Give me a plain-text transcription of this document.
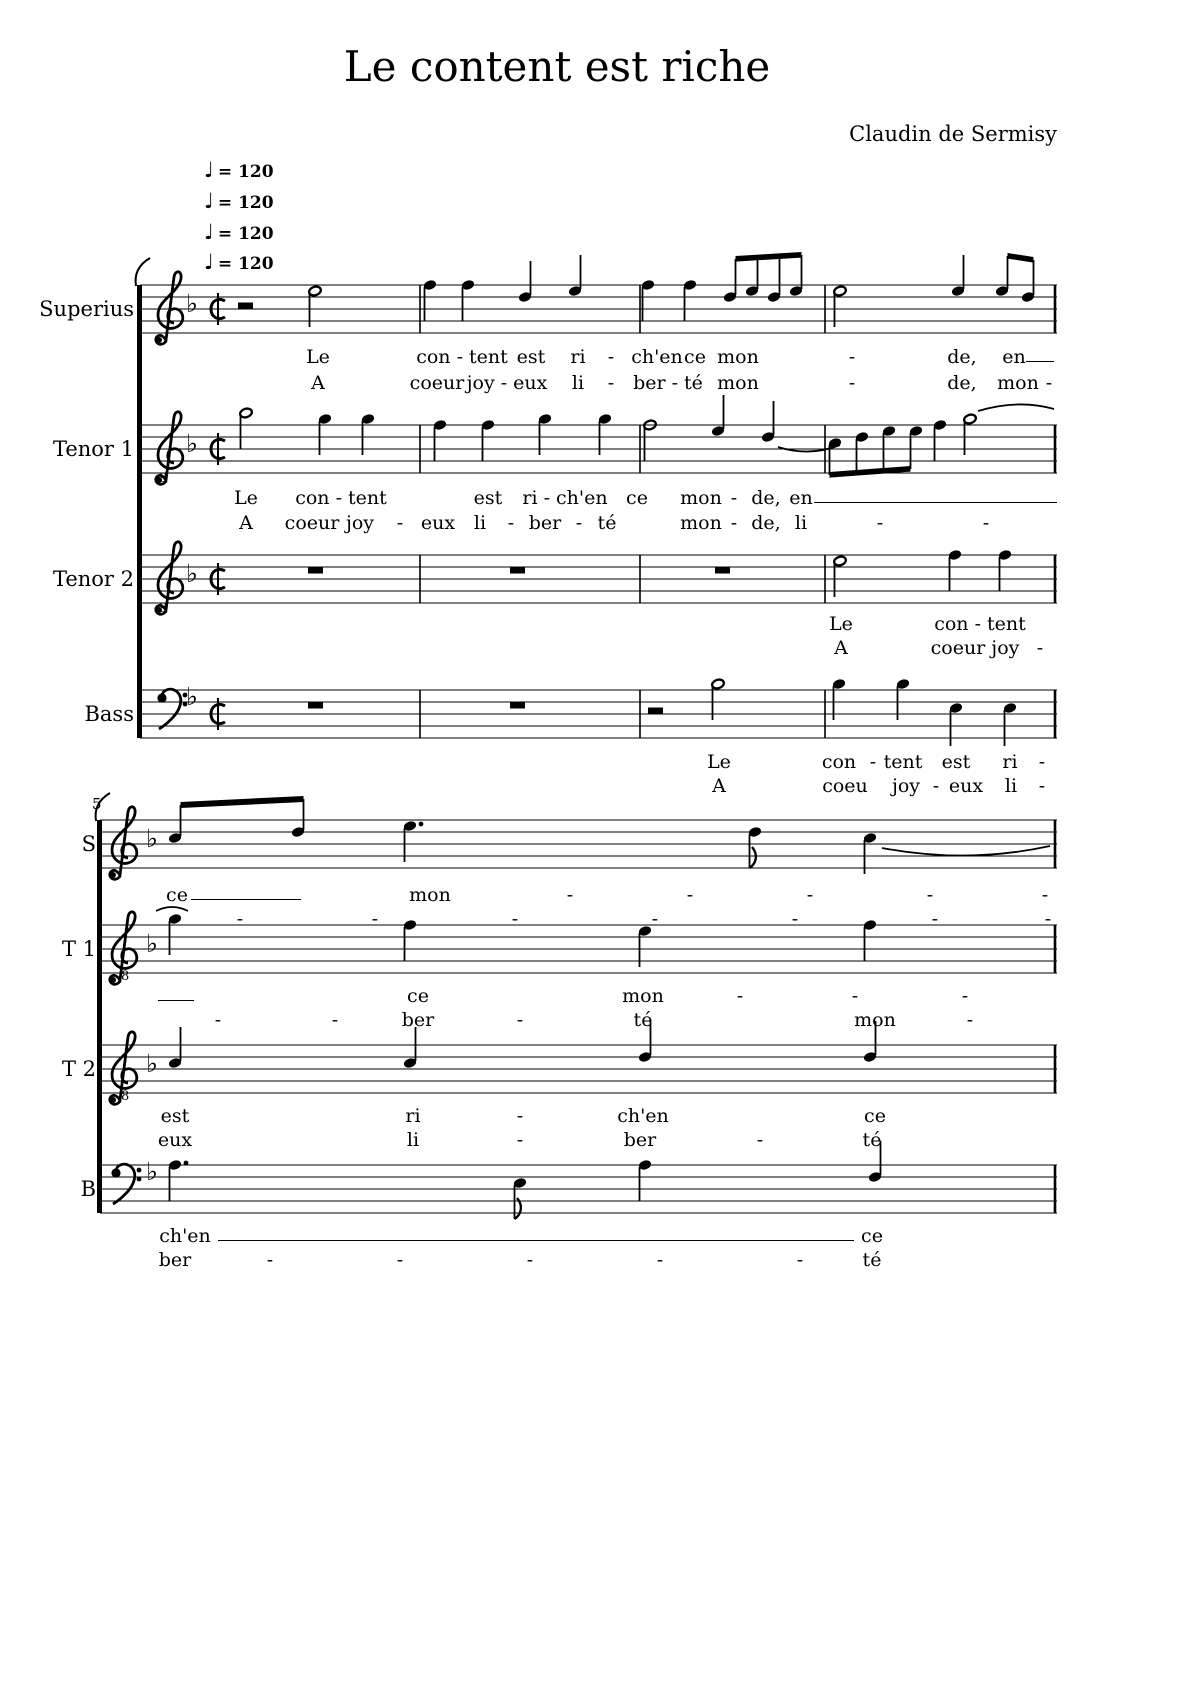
Le content est riche
Claudin de Sermisy
♩ = 120
♩ = 120
♩ = 120
♩ = 120
Superius
Tenor 1
Tenor 2
Bass
♭
♭
8
♭
8
♭
Le	con - tent est ri - ch'en ce mon	-	de, en
A	coeur joy - eux li - ber - té mon	-	de, mon -
Le con - tent	est ri - ch'en ce mon - de, en
A coeur joy - eux li - ber - té	mon - de, li	-	-
Le	con - tent
A	coeur joy -
Le	con - tent est ri -
A	coeu joy - eux li -
5
S
T 1
T 2
B
♭
♭
8
♭
8
♭
ce	mon	-	-	-	-	-
-	-	-	-	-	-	-
ce	mon	-	-	-
-	-	ber	-	té	mon	-
est	ri	-	ch'en	ce
eux	li	-	ber	-	té
ch'en	ce
ber	-	-	-	-	-	té
